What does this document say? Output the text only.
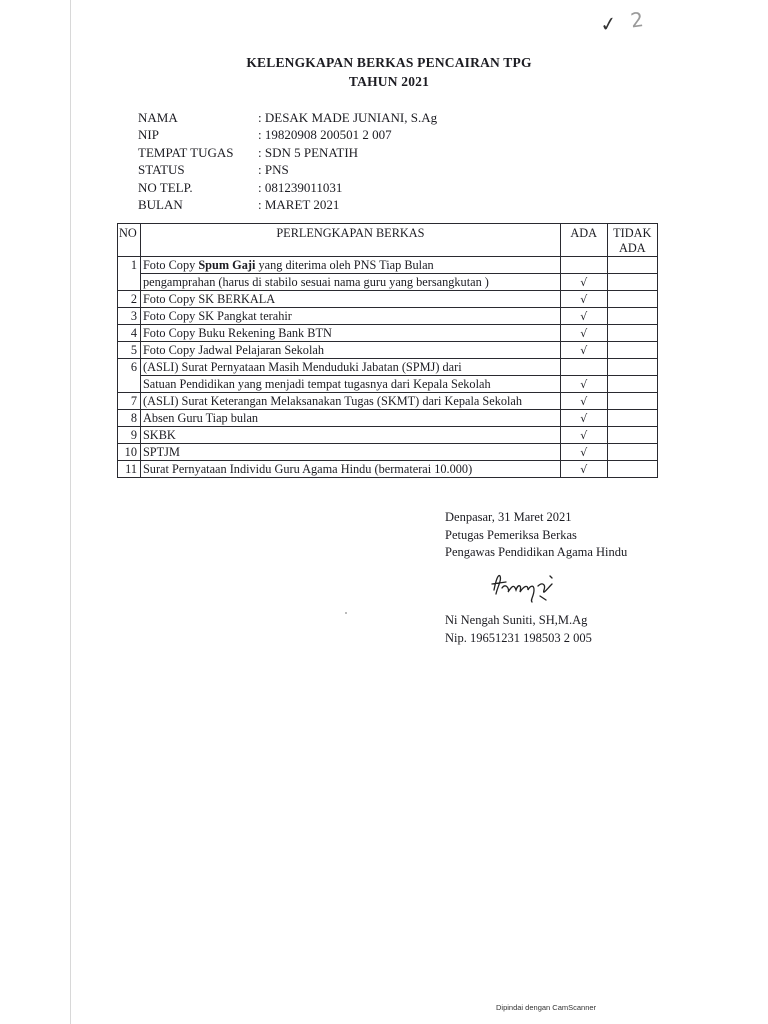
✓ 2
KELENGKAPAN BERKAS PENCAIRAN TPG
TAHUN 2021
NAMA	: DESAK MADE JUNIANI, S.Ag
NIP	: 19820908 200501 2 007
TEMPAT TUGAS	: SDN 5 PENATIH
STATUS	: PNS
NO TELP.	: 081239011031
BULAN	: MARET 2021
NO	PERLENGKAPAN BERKAS	ADA	TIDAK
ADA
1	Foto Copy Spum Gaji yang diterima oleh PNS Tiap Bulan		
	pengamprahan (harus di stabilo sesuai nama guru yang bersangkutan )	√	
2	Foto Copy SK BERKALA	√	
3	Foto Copy SK Pangkat terahir	√	
4	Foto Copy Buku Rekening Bank BTN	√	
5	Foto Copy Jadwal Pelajaran Sekolah	√	
6	(ASLI) Surat Pernyataan Masih Menduduki Jabatan (SPMJ) dari		
	Satuan Pendidikan yang menjadi tempat tugasnya dari Kepala Sekolah	√	
7	(ASLI) Surat Keterangan Melaksanakan Tugas (SKMT) dari Kepala Sekolah	√	
8	Absen Guru Tiap bulan	√	
9	SKBK	√	
10	SPTJM	√	
11	Surat Pernyataan Individu Guru Agama Hindu (bermaterai 10.000)	√	
Denpasar, 31 Maret 2021
Petugas Pemeriksa Berkas
Pengawas Pendidikan Agama Hindu
Ni Nengah Suniti, SH,M.Ag
Nip. 19651231 198503 2 005
Dipindai dengan CamScanner
